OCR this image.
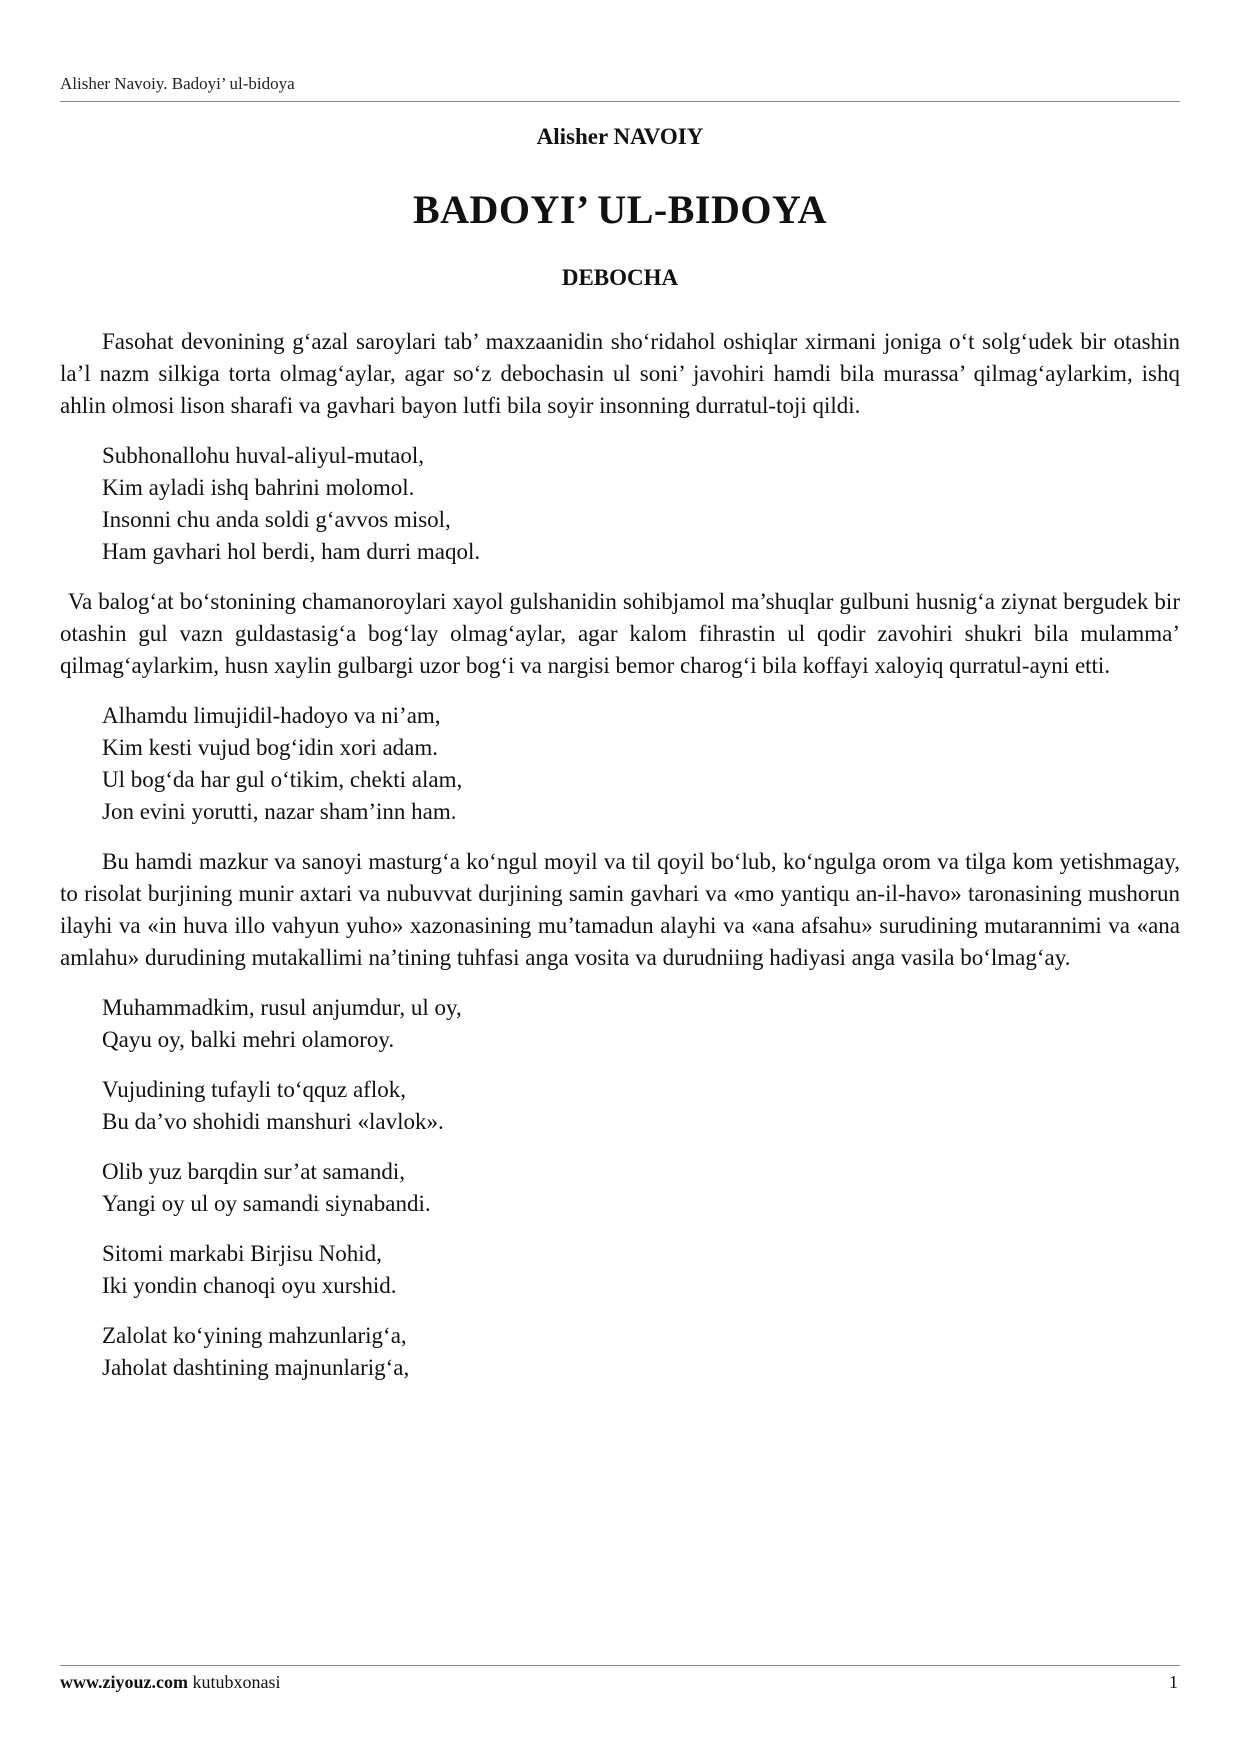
Alisher Navoiy. Badoyi’ ul-bidoya
Alisher NAVOIY
BADOYI’ UL-BIDOYA
DEBOCHA

Fasohat devonining g‘azal saroylari tab’ maxzaanidin sho‘ridahol oshiqlar xirmani joniga o‘t solg‘udek bir otashin la’l nazm silkiga torta olmag‘aylar, agar so‘z debochasin ul soni’ javohiri hamdi bila murassa’ qilmag‘aylarkim, ishq ahlin olmosi lison sharafi va gavhari bayon lutfi bila soyir insonning durratul-toji qildi.

Subhonallohu huval-aliyul-mutaol,
Kim ayladi ishq bahrini molomol.
Insonni chu anda soldi g‘avvos misol,
Ham gavhari hol berdi, ham durri maqol.

Va balog‘at bo‘stonining chamanoroylari xayol gulshanidin sohibjamol ma’shuqlar gulbuni husnig‘a ziynat bergudek bir otashin gul vazn guldastasig‘a bog‘lay olmag‘aylar, agar kalom fihrastin ul qodir zavohiri shukri bila mulamma’ qilmag‘aylarkim, husn xaylin gulbargi uzor bog‘i va nargisi bemor charog‘i bila koffayi xaloyiq qurratul-ayni etti.

Alhamdu limujidil-hadoyo va ni’am,
Kim kesti vujud bog‘idin xori adam.
Ul bog‘da har gul o‘tikim, chekti alam,
Jon evini yorutti, nazar sham’inn ham.

Bu hamdi mazkur va sanoyi masturg‘a ko‘ngul moyil va til qoyil bo‘lub, ko‘ngulga orom va tilga kom yetishmagay, to risolat burjining munir axtari va nubuvvat durjining samin gavhari va «mo yantiqu an-il-havo» taronasining mushorun ilayhi va «in huva illo vahyun yuho» xazonasining mu’tamadun alayhi va «ana afsahu» surudining mutarannimi va «ana amlahu» durudining mutakallimi na’tining tuhfasi anga vosita va durudniing hadiyasi anga vasila bo‘lmag‘ay.

Muhammadkim, rusul anjumdur, ul oy,
Qayu oy, balki mehri olamoroy.
Vujudining tufayli to‘qquz aflok,
Bu da’vo shohidi manshuri «lavlok».
Olib yuz barqdin sur’at samandi,
Yangi oy ul oy samandi siynabandi.
Sitomi markabi Birjisu Nohid,
Iki yondin chanoqi oyu xurshid.
Zalolat ko‘yining mahzunlarig‘a,
Jaholat dashtining majnunlarig‘a,
www.ziyouz.com kutubxonasi	1
